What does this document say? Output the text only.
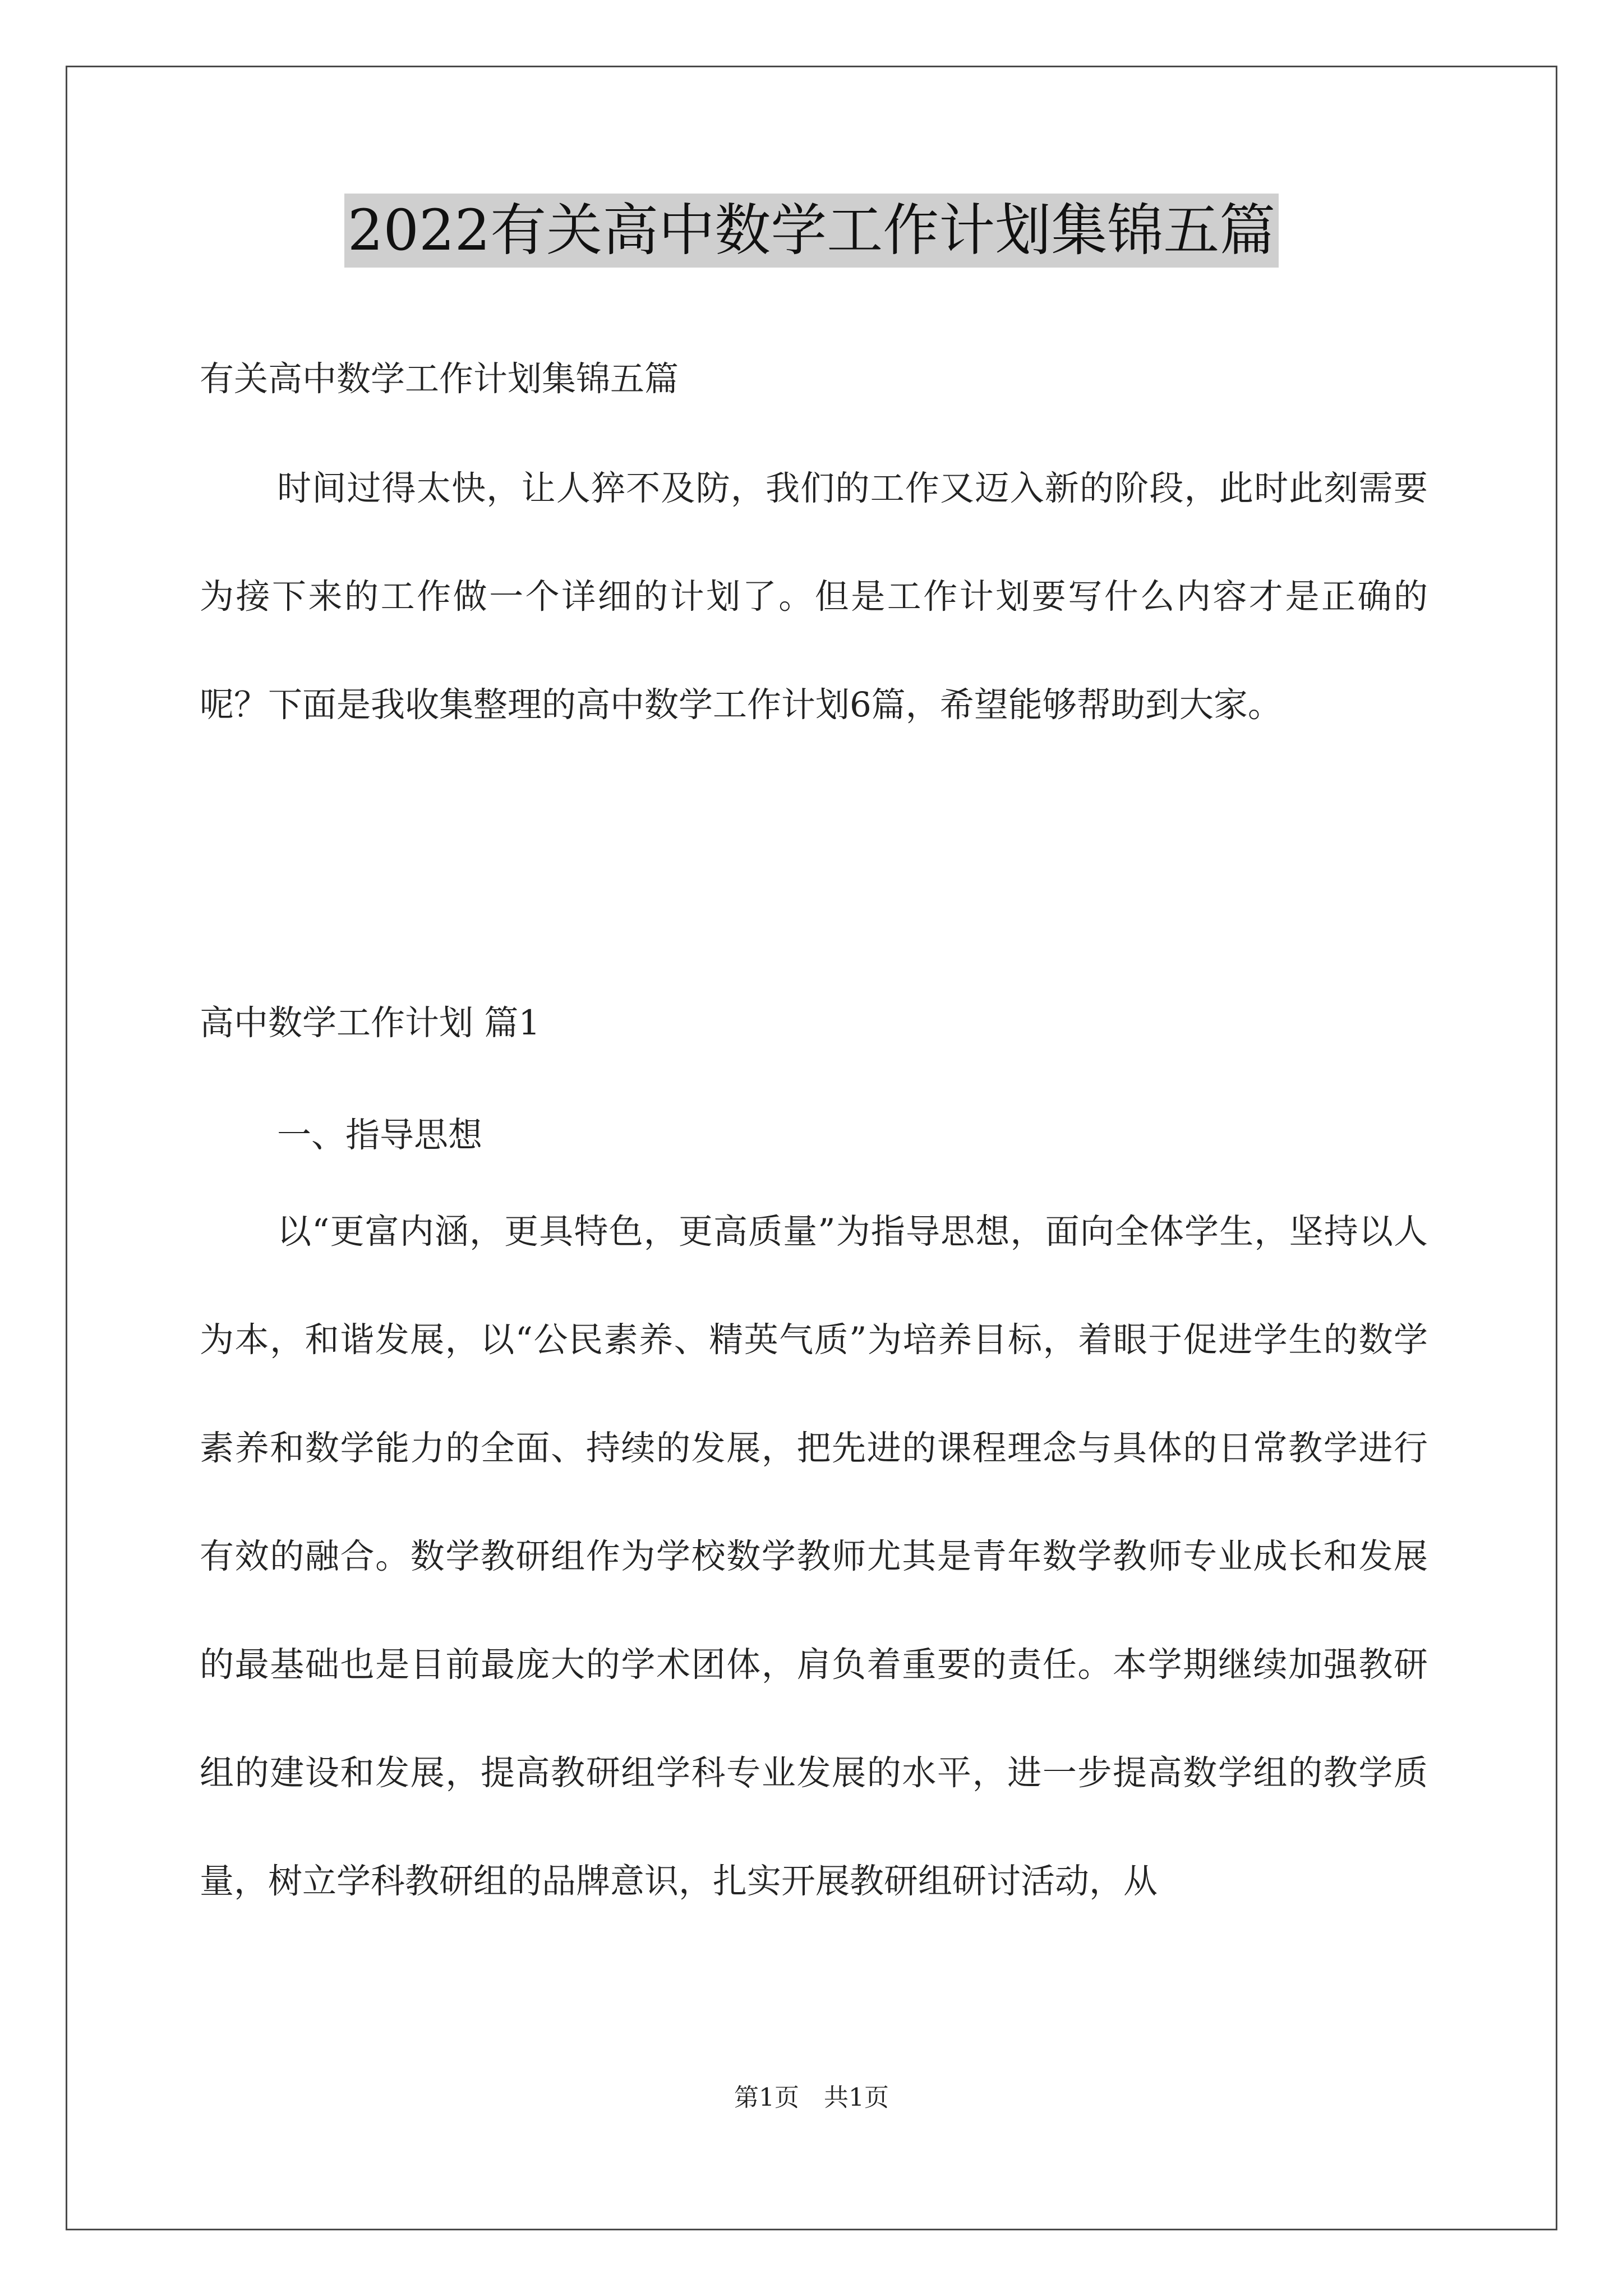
2022有关高中数学工作计划集锦五篇

有关高中数学工作计划集锦五篇

时间过得太快，让人猝不及防，我们的工作又迈入新的阶段，此时此刻需要为接下来的工作做一个详细的计划了。但是工作计划要写什么内容才是正确的呢？下面是我收集整理的高中数学工作计划6篇，希望能够帮助到大家。

高中数学工作计划 篇1

一、指导思想

以“更富内涵，更具特色，更高质量”为指导思想，面向全体学生，坚持以人为本，和谐发展，以“公民素养、精英气质”为培养目标，着眼于促进学生的数学素养和数学能力的全面、持续的发展，把先进的课程理念与具体的日常教学进行有效的融合。数学教研组作为学校数学教师尤其是青年数学教师专业成长和发展的最基础也是目前最庞大的学术团体，肩负着重要的责任。本学期继续加强教研组的建设和发展，提高教研组学科专业发展的水平，进一步提高数学组的教学质量，树立学科教研组的品牌意识，扎实开展教研组研讨活动，从

第1页　共1页
